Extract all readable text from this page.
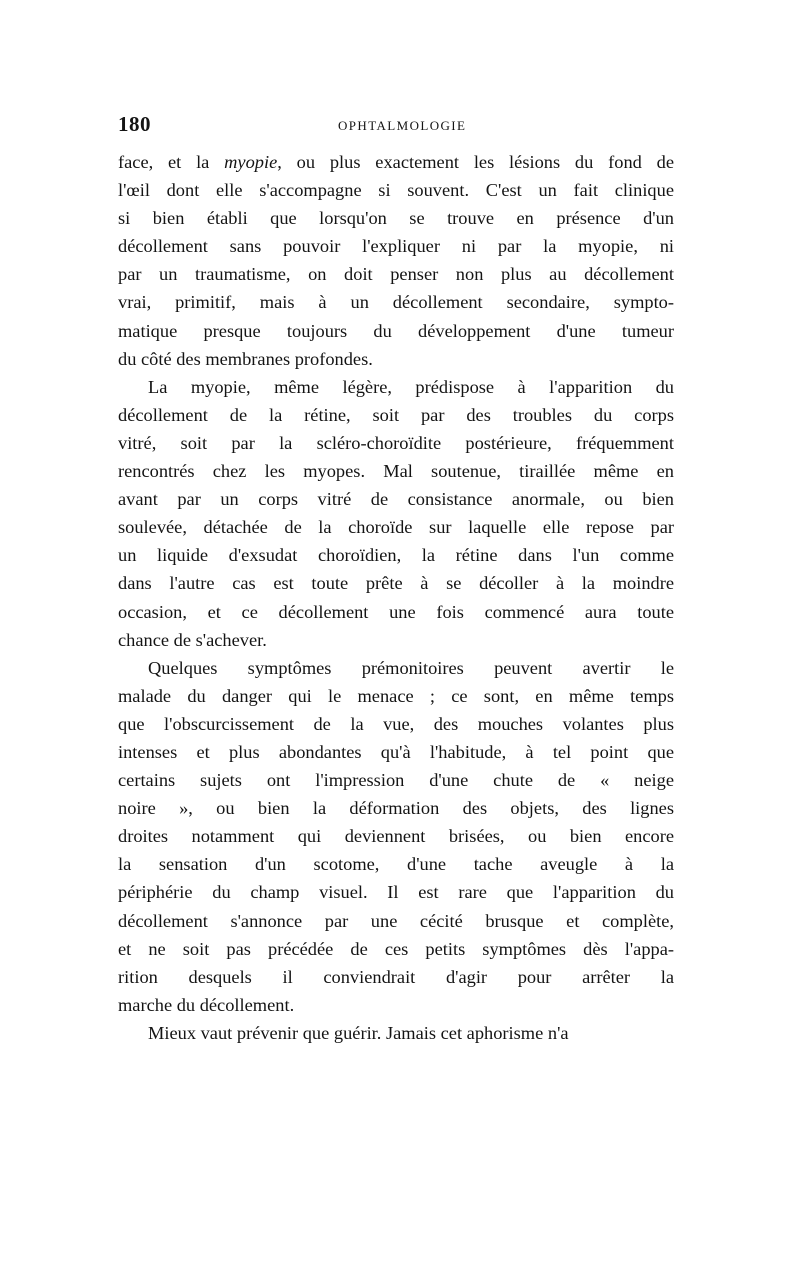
180	OPHTALMOLOGIE
face, et la myopie, ou plus exactement les lésions du fond de
l'œil dont elle s'accompagne si souvent. C'est un fait clinique
si bien établi que lorsqu'on se trouve en présence d'un
décollement sans pouvoir l'expliquer ni par la myopie, ni
par un traumatisme, on doit penser non plus au décollement
vrai, primitif, mais à un décollement secondaire, sympto-
matique presque toujours du développement d'une tumeur
du côté des membranes profondes.
La myopie, même légère, prédispose à l'apparition du
décollement de la rétine, soit par des troubles du corps
vitré, soit par la scléro-choroïdite postérieure, fréquemment
rencontrés chez les myopes. Mal soutenue, tiraillée même en
avant par un corps vitré de consistance anormale, ou bien
soulevée, détachée de la choroïde sur laquelle elle repose par
un liquide d'exsudat choroïdien, la rétine dans l'un comme
dans l'autre cas est toute prête à se décoller à la moindre
occasion, et ce décollement une fois commencé aura toute
chance de s'achever.
Quelques symptômes prémonitoires peuvent avertir le
malade du danger qui le menace ; ce sont, en même temps
que l'obscurcissement de la vue, des mouches volantes plus
intenses et plus abondantes qu'à l'habitude, à tel point que
certains sujets ont l'impression d'une chute de « neige
noire », ou bien la déformation des objets, des lignes
droites notamment qui deviennent brisées, ou bien encore
la sensation d'un scotome, d'une tache aveugle à la
périphérie du champ visuel. Il est rare que l'apparition du
décollement s'annonce par une cécité brusque et complète,
et ne soit pas précédée de ces petits symptômes dès l'appa-
rition desquels il conviendrait d'agir pour arrêter la
marche du décollement.
Mieux vaut prévenir que guérir. Jamais cet aphorisme n'a
